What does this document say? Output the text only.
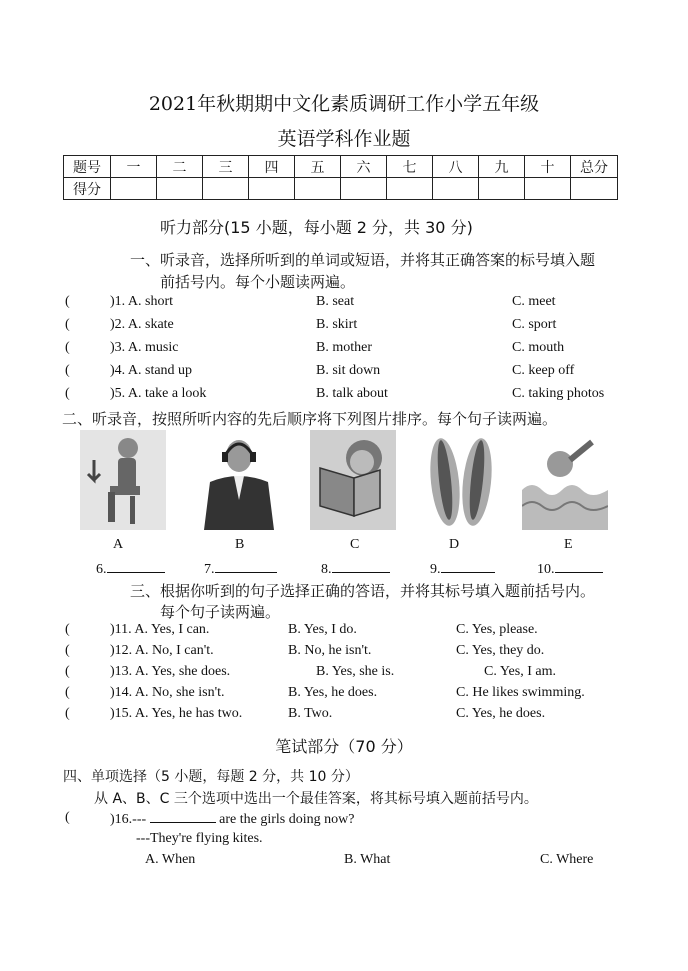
2021年秋期期中文化素质调研工作小学五年级
英语学科作业题
题号	一	二	三	四	五	六	七	八	九	十	总分
得分											
听力部分(15 小题，每小题 2 分，共 30 分)
一、听录音，选择所听到的单词或短语，并将其正确答案的标号填入题
前括号内。每个小题读两遍。
(	)1. A. short	B. seat	C. meet
(	)2. A. skate	B. skirt	C. sport
(	)3. A. music	B. mother	C. mouth
(	)4. A. stand up	B. sit down	C. keep off
(	)5. A. take a look	B. talk about	C. taking photos
二、听录音，按照所听内容的先后顺序将下列图片排序。每个句子读两遍。
A	B	C	D	E
6.	7.	8.	9.	10.
三、根据你听到的句子选择正确的答语，并将其标号填入题前括号内。
每个句子读两遍。
(	)11. A. Yes, I can.	B. Yes, I do.	C. Yes, please.
(	)12. A. No, I can't.	B. No, he isn't.	C. Yes, they do.
(	)13. A. Yes, she does.	B. Yes, she is.	C. Yes, I am.
(	)14. A. No, she isn't.	B. Yes, he does.	C. He likes swimming.
(	)15. A. Yes, he has two.	B. Two.	C. Yes, he does.
笔试部分（70 分）
四、单项选择（5 小题，每题 2 分，共 10 分）
从 A、B、C 三个选项中选出一个最佳答案，将其标号填入题前括号内。
(	)16.---	are the girls doing now?
---They're flying kites.
A. When	B. What	C. Where
